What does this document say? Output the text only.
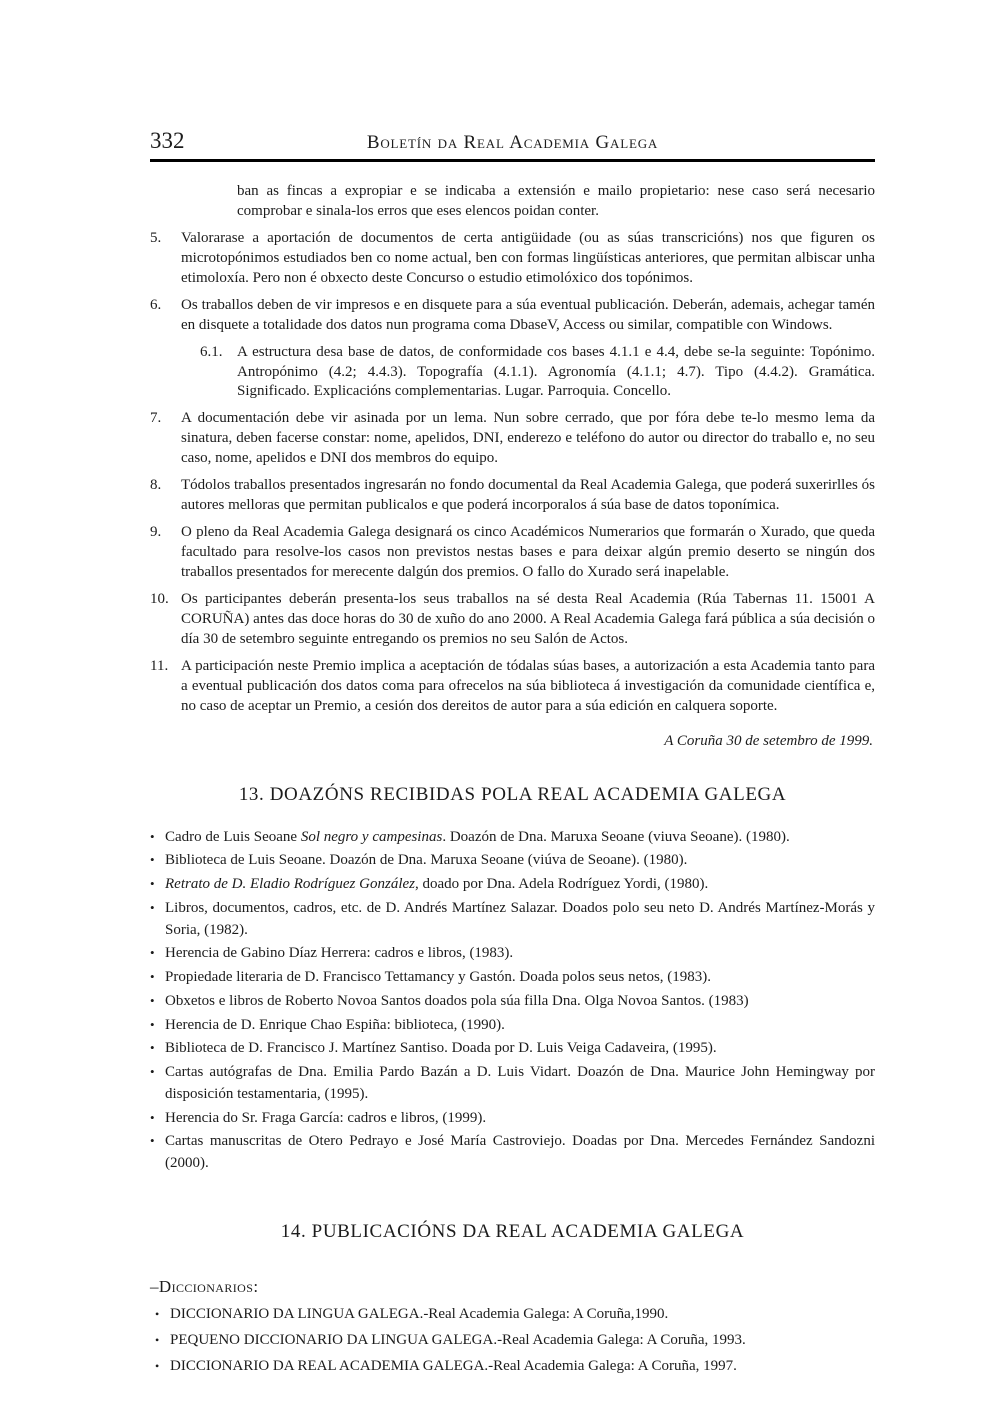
332	Boletín da Real Academia Galega

ban as fincas a expropiar e se indicaba a extensión e mailo propietario: nese caso será necesario comprobar e sinala-los erros que eses elencos poidan conter.

5.	Valorarase a aportación de documentos de certa antigüidade (ou as súas transcricións) nos que figuren os microtopónimos estudiados ben co nome actual, ben con formas lingüísticas anteriores, que permitan albiscar unha etimoloxía. Pero non é obxecto deste Concurso o estudio etimolóxico dos topónimos.
6.	Os traballos deben de vir impresos e en disquete para a súa eventual publicación. Deberán, ademais, achegar tamén en disquete a totalidade dos datos nun programa coma DbaseV, Access ou similar, compatible con Windows.
6.1. A estructura desa base de datos, de conformidade cos bases 4.1.1 e 4.4, debe se-la seguinte: Topónimo. Antropónimo (4.2; 4.4.3). Topografía (4.1.1). Agronomía (4.1.1; 4.7). Tipo (4.4.2). Gramática. Significado. Explicacións complementarias. Lugar. Parroquia. Concello.
7.	A documentación debe vir asinada por un lema. Nun sobre cerrado, que por fóra debe te-lo mesmo lema da sinatura, deben facerse constar: nome, apelidos, DNI, enderezo e teléfono do autor ou director do traballo e, no seu caso, nome, apelidos e DNI dos membros do equipo.
8.	Tódolos traballos presentados ingresarán no fondo documental da Real Academia Galega, que poderá suxerirlles ós autores melloras que permitan publicalos e que poderá incorporalos á súa base de datos toponímica.
9.	O pleno da Real Academia Galega designará os cinco Académicos Numerarios que formarán o Xurado, que queda facultado para resolve-los casos non previstos nestas bases e para deixar algún premio deserto se ningún dos traballos presentados for merecente dalgún dos premios. O fallo do Xurado será inapelable.
10. Os participantes deberán presenta-los seus traballos na sé desta Real Academia (Rúa Tabernas 11. 15001 A CORUÑA) antes das doce horas do 30 de xuño do ano 2000. A Real Academia Galega fará pública a súa decisión o día 30 de setembro seguinte entregando os premios no seu Salón de Actos.
11. A participación neste Premio implica a aceptación de tódalas súas bases, a autorización a esta Academia tanto para a eventual publicación dos datos coma para ofrecelos na súa biblioteca á investigación da comunidade científica e, no caso de aceptar un Premio, a cesión dos dereitos de autor para a súa edición en calquera soporte.

A Coruña 30 de setembro de 1999.

13. DOAZÓNS RECIBIDAS POLA REAL ACADEMIA GALEGA
• Cadro de Luis Seoane Sol negro y campesinas. Doazón de Dna. Maruxa Seoane (viuva Seoane). (1980).
• Biblioteca de Luis Seoane. Doazón de Dna. Maruxa Seoane (viúva de Seoane). (1980).
• Retrato de D. Eladio Rodríguez González, doado por Dna. Adela Rodríguez Yordi, (1980).
• Libros, documentos, cadros, etc. de D. Andrés Martínez Salazar. Doados polo seu neto D. Andrés Martínez-Morás y Soria, (1982).
• Herencia de Gabino Díaz Herrera: cadros e libros, (1983).
• Propiedade literaria de D. Francisco Tettamancy y Gastón. Doada polos seus netos, (1983).
• Obxetos e libros de Roberto Novoa Santos doados pola súa filla Dna. Olga Novoa Santos. (1983)
• Herencia de D. Enrique Chao Espiña: biblioteca, (1990).
• Biblioteca de D. Francisco J. Martínez Santiso. Doada por D. Luis Veiga Cadaveira, (1995).
• Cartas autógrafas de Dna. Emilia Pardo Bazán a D. Luis Vidart. Doazón de Dna. Maurice John Hemingway por disposición testamentaria, (1995).
• Herencia do Sr. Fraga García: cadros e libros, (1999).
• Cartas manuscritas de Otero Pedrayo e José María Castroviejo. Doadas por Dna. Mercedes Fernández Sandozni (2000).
14. PUBLICACIÓNS DA REAL ACADEMIA GALEGA

–Diccionarios:

• DICCIONARIO DA LINGUA GALEGA.-Real Academia Galega: A Coruña,1990.
• PEQUENO DICCIONARIO DA LINGUA GALEGA.-Real Academia Galega: A Coruña, 1993.
• DICCIONARIO DA REAL ACADEMIA GALEGA.-Real Academia Galega: A Coruña, 1997.
